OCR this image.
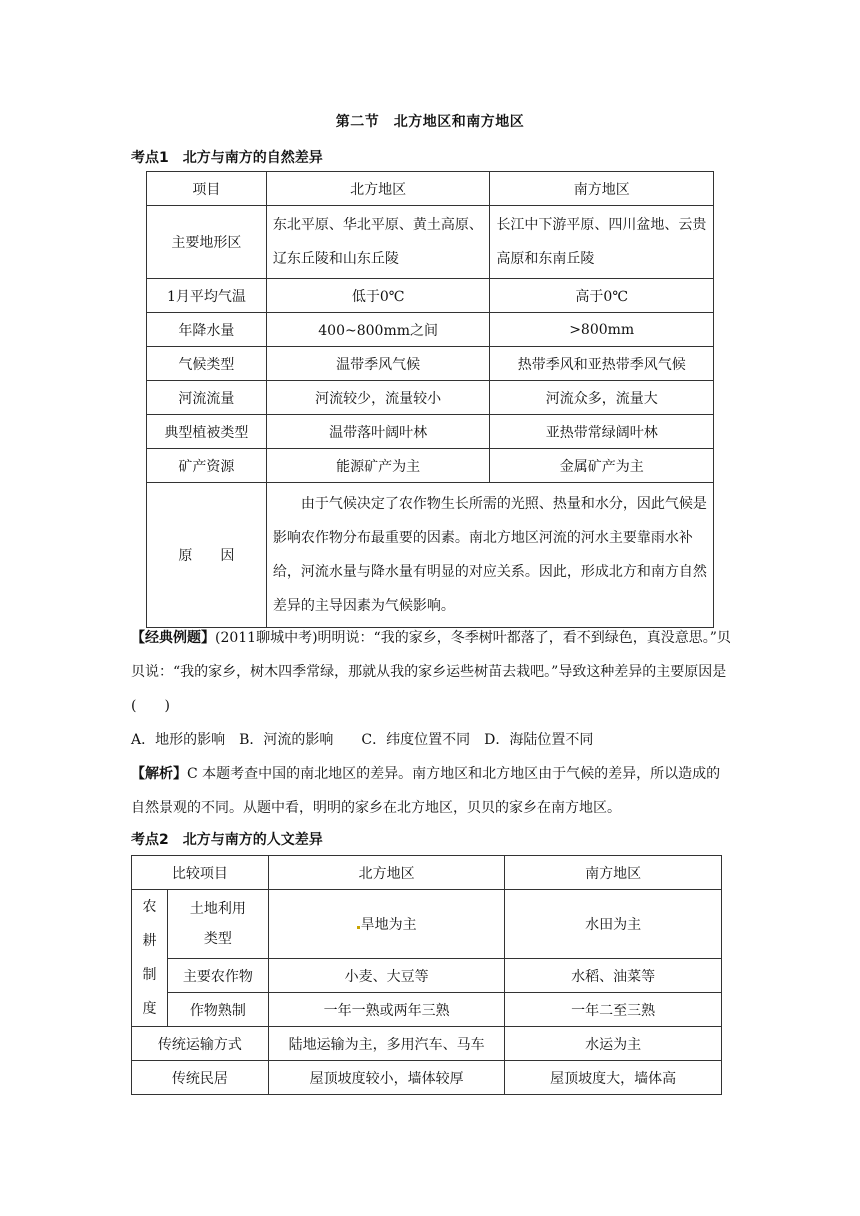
第二节　北方地区和南方地区
考点1　北方与南方的自然差异
项目	北方地区	南方地区
主要地形区	东北平原、华北平原、黄土高原、辽东丘陵和山东丘陵	长江中下游平原、四川盆地、云贵高原和东南丘陵
1月平均气温	低于0℃	高于0℃
年降水量	400~800mm之间	>800mm
气候类型	温带季风气候	热带季风和亚热带季风气候
河流流量	河流较少，流量较小	河流众多，流量大
典型植被类型	温带落叶阔叶林	亚热带常绿阔叶林
矿产资源	能源矿产为主	金属矿产为主
原　　因	由于气候决定了农作物生长所需的光照、热量和水分，因此气候是影响农作物分布最重要的因素。南北方地区河流的河水主要靠雨水补给，河流水量与降水量有明显的对应关系。因此，形成北方和南方自然差异的主导因素为气候影响。	

【经典例题】(2011聊城中考)明明说：“我的家乡，冬季树叶都落了，看不到绿色，真没意思。”贝贝说：“我的家乡，树木四季常绿，那就从我的家乡运些树苗去栽吧。”导致这种差异的主要原因是(　　)

A．地形的影响　B．河流的影响　　C．纬度位置不同　D．海陆位置不同

【解析】C 本题考查中国的南北地区的差异。南方地区和北方地区由于气候的差异，所以造成的自然景观的不同。从题中看，明明的家乡在北方地区，贝贝的家乡在南方地区。

考点2　北方与南方的人文差异
比较项目		北方地区	南方地区

农
耕
制
度	土地利用类型	旱地为主	水田为主
	主要农作物	小麦、大豆等	水稻、油菜等
	作物熟制	一年一熟或两年三熟	一年二至三熟
传统运输方式		陆地运输为主，多用汽车、马车	水运为主
传统民居		屋顶坡度较小，墙体较厚	屋顶坡度大，墙体高
